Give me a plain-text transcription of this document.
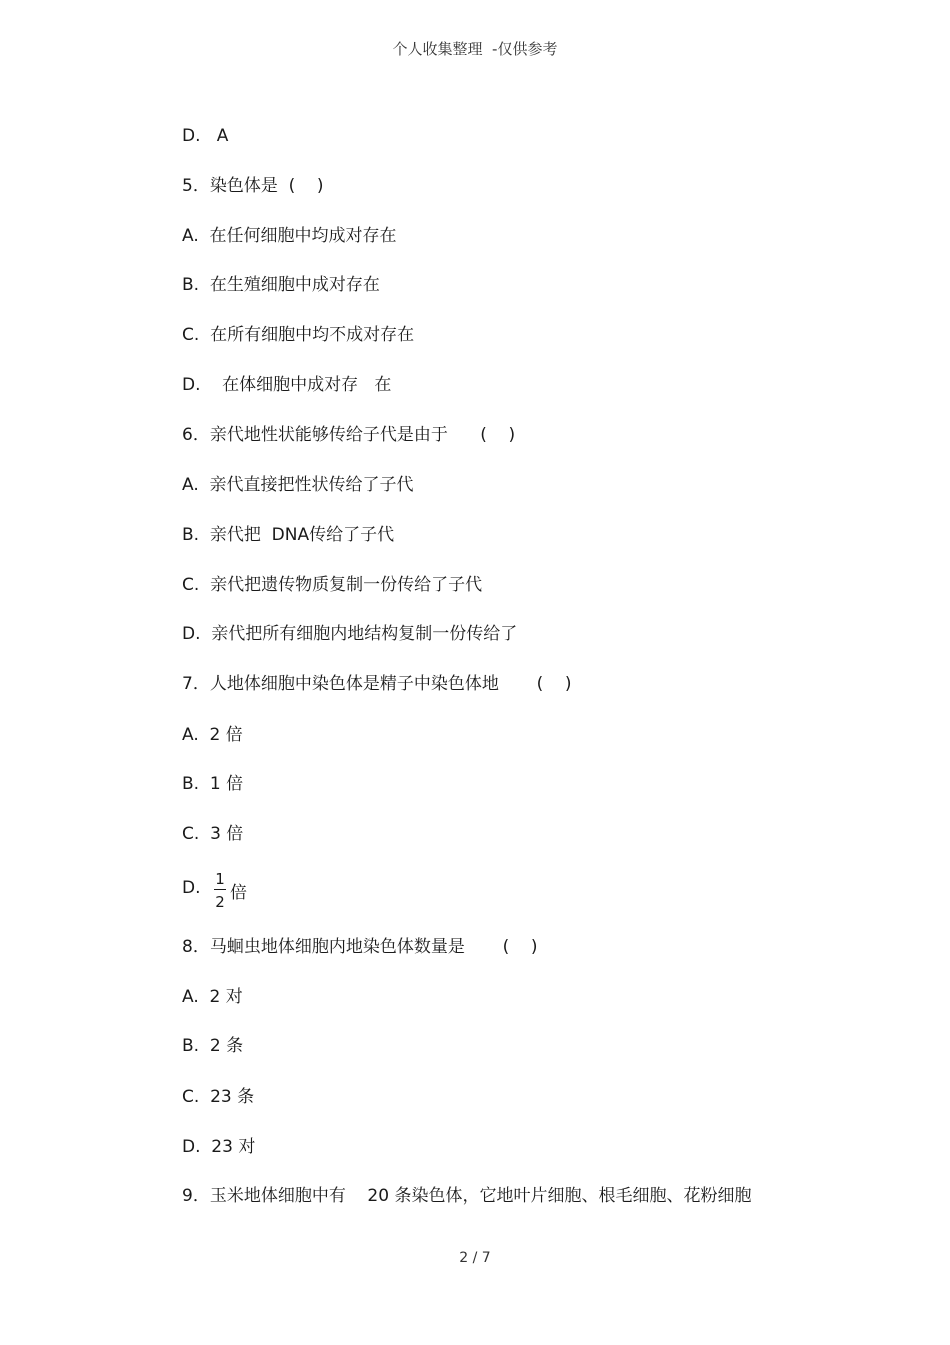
个人收集整理  -仅供参考
D.   A
5．染色体是  (    )
A.  在任何细胞中均成对存在
B.  在生殖细胞中成对存在
C.  在所有细胞中均不成对存在
D.    在体细胞中成对存   在
6．亲代地性状能够传给子代是由于      (    )
A.  亲代直接把性状传给了子代
B.  亲代把  DNA传给了子代
C.  亲代把遗传物质复制一份传给了子代
D.  亲代把所有细胞内地结构复制一份传给了
7．人地体细胞中染色体是精子中染色体地       (    )
A.  2 倍
B.  1 倍
C.  3 倍
D. $\frac{1}{2}$ 倍
8．马蛔虫地体细胞内地染色体数量是       (    )
A.  2 对
B.  2 条
C.  23 条
D.  23 对
9．玉米地体细胞中有    20 条染色体，它地叶片细胞、根毛细胞、花粉细胞
2 / 7
